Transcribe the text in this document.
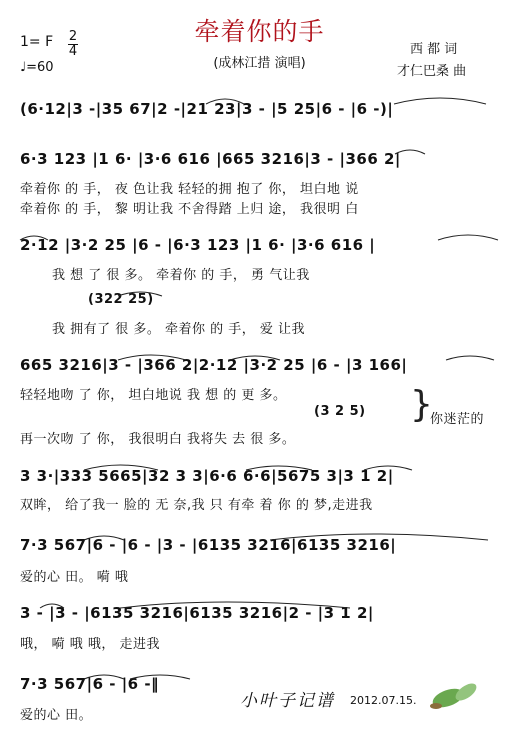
牵着你的手
(成林江措 演唱)
1= F 2
4
♩=60
西 都 词
才仁巴桑 曲
(6·12|3 -|35 67|2 -|21 23|3 - |5 25|6 - |6 -)|
6·3 123 |1 6· |3·6 616 |665 3216|3 - |366 2|
牵着你 的 手， 夜 色让我 轻轻的拥 抱了 你， 坦白地 说
牵着你 的 手， 黎 明让我 不舍得踏 上归 途， 我很明 白
2·12 |3·2 25 |6 - |6·3 123 |1 6· |3·6 616 |
我 想 了 很 多。 牵着你 的 手， 勇 气让我
(322 25)
我 拥有了 很 多。 牵着你 的 手， 爱 让我
665 3216|3 - |366 2|2·12 |3·2 25 |6 - |3 166|
轻轻地吻 了 你， 坦白地说 我 想 的 更 多。
(3 2 5) }
你迷茫的
再一次吻 了 你， 我很明白 我将失 去 很 多。
3 3·|333 5665|32 3 3|6·6 6·6|5675 3|3 1 2|
双眸， 给了我一 脸的 无 奈,我 只 有牵 着 你 的 梦,走进我
7·3 567|6 - |6 - |3 - |6135 3216|6135 3216|
爱的心 田。 嗬 哦
3 - |3 - |6135 3216|6135 3216|2 - |3 1 2|
哦， 嗬 哦 哦， 走进我
7·3 567|6 - |6 -‖
爱的心 田。
小叶子记谱 2012.07.15.
